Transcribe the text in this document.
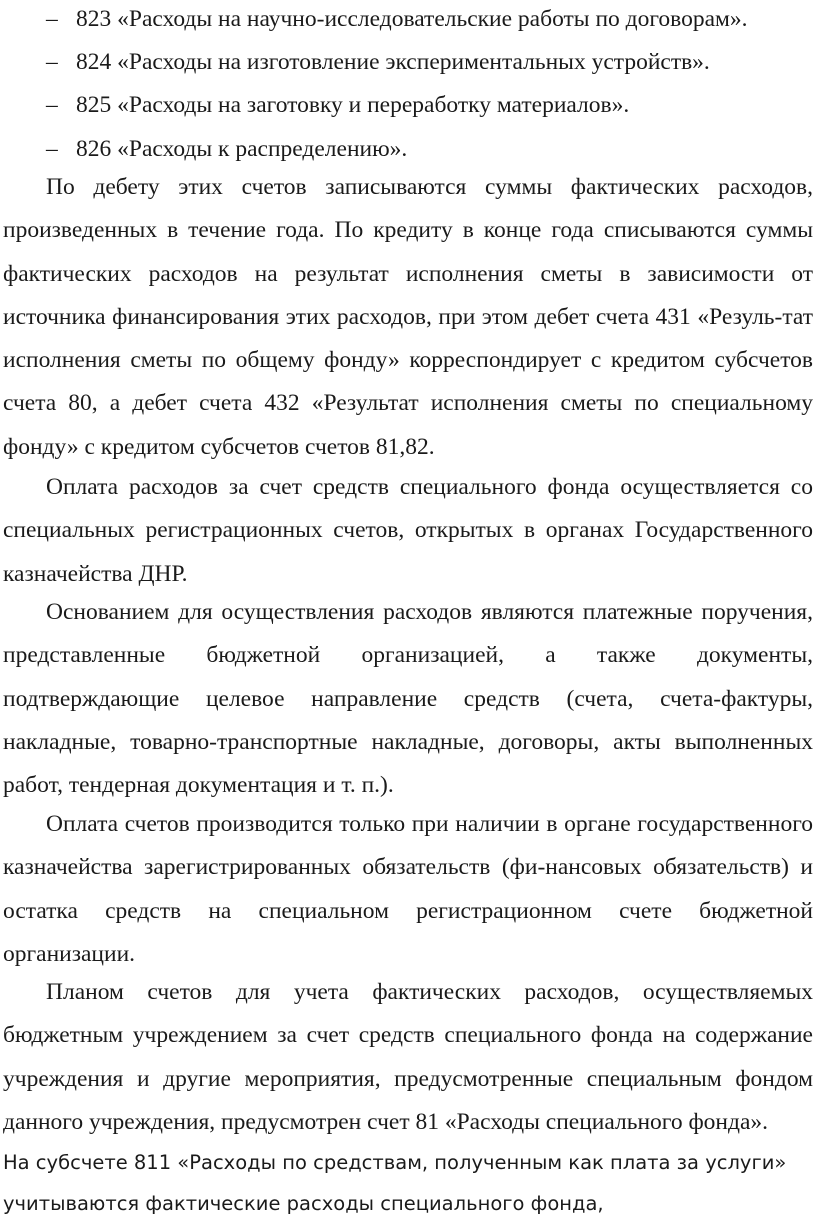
– 823 «Расходы на научно-исследовательские работы по договорам».
– 824 «Расходы на изготовление экспериментальных устройств».
– 825 «Расходы на заготовку и переработку материалов».
– 826 «Расходы к распределению».

По дебету этих счетов записываются суммы фактических расходов, произведенных в течение года. По кредиту в конце года списываются суммы фактических расходов на результат исполнения сметы в зависимости от источника финансирования этих расходов, при этом дебет счета 431 «Резуль-тат исполнения сметы по общему фонду» корреспондирует с кредитом субсчетов счета 80, а дебет счета 432 «Результат исполнения сметы по специальному фонду» с кредитом субсчетов счетов 81,82.

Оплата расходов за счет средств специального фонда осуществляется со специальных регистрационных счетов, открытых в органах Государственного казначейства ДНР.

Основанием для осуществления расходов являются платежные поручения, представленные бюджетной организацией, а также документы, подтверждающие целевое направление средств (счета, счета-фактуры, накладные, товарно-транспортные накладные, договоры, акты выполненных работ, тендерная документация и т. п.).

Оплата счетов производится только при наличии в органе государственного казначейства зарегистрированных обязательств (фи-нансовых обязательств) и остатка средств на специальном регистрационном счете бюджетной организации.

Планом счетов для учета фактических расходов, осуществляемых бюджетным учреждением за счет средств специального фонда на содержание учреждения и другие мероприятия, предусмотренные специальным фондом данного учреждения, предусмотрен счет 81 «Расходы специального фонда».

На субсчете 811 «Расходы по средствам, полученным как плата за услуги» учитываются фактические расходы специального фонда,
